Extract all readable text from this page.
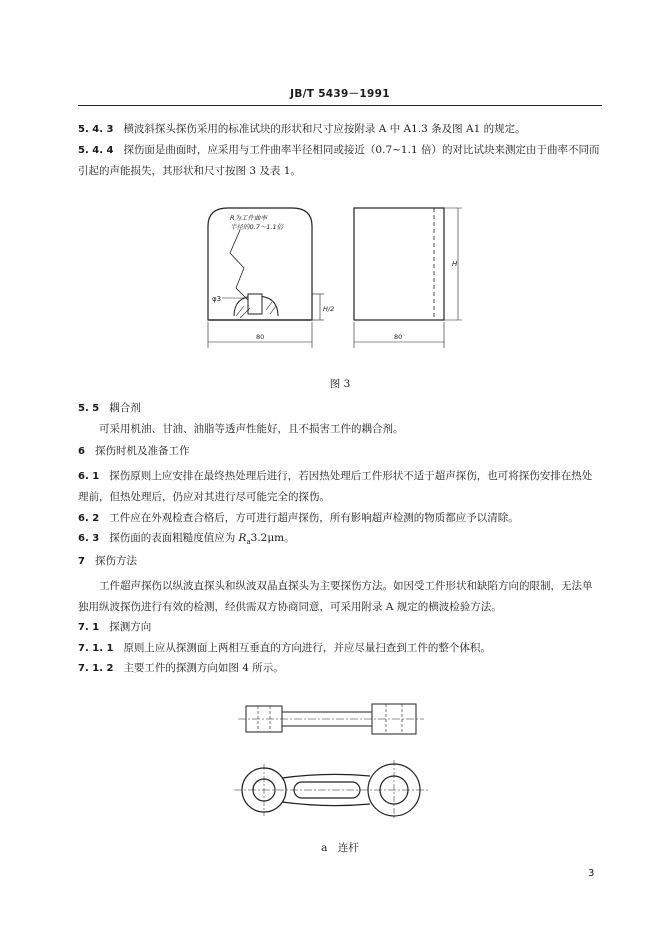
JB/T 5439－1991
5. 4. 3 横波斜探头探伤采用的标准试块的形状和尺寸应按附录 A 中 A1.3 条及图 A1 的规定。
5. 4. 4 探伤面是曲面时，应采用与工件曲率半径相同或接近（0.7~1.1 倍）的对比试块来测定由于曲率不同而引起的声能损失，其形状和尺寸按图 3 及表 1。
R为工件曲率
半径的0.7～1.1倍
φ3
H/2
80
H
80
图 3
5. 5 耦合剂
可采用机油、甘油、油脂等透声性能好，且不损害工件的耦合剂。
6 探伤时机及准备工作
6. 1 探伤原则上应安排在最终热处理后进行，若因热处理后工件形状不适于超声探伤，也可将探伤安排在热处理前，但热处理后，仍应对其进行尽可能完全的探伤。
6. 2 工件应在外观检查合格后，方可进行超声探伤，所有影响超声检测的物质都应予以清除。
6. 3 探伤面的表面粗糙度值应为 $R_a3.2\mu m$。
7 探伤方法
工件超声探伤以纵波直探头和纵波双晶直探头为主要探伤方法。如因受工件形状和缺陷方向的限制，无法单独用纵波探伤进行有效的检测，经供需双方协商同意，可采用附录 A 规定的横波检验方法。
7. 1 探测方向
7. 1. 1 原则上应从探测面上两相互垂直的方向进行，并应尽量扫查到工件的整个体积。
7. 1. 2 主要工件的探测方向如图 4 所示。
a　连杆
3
